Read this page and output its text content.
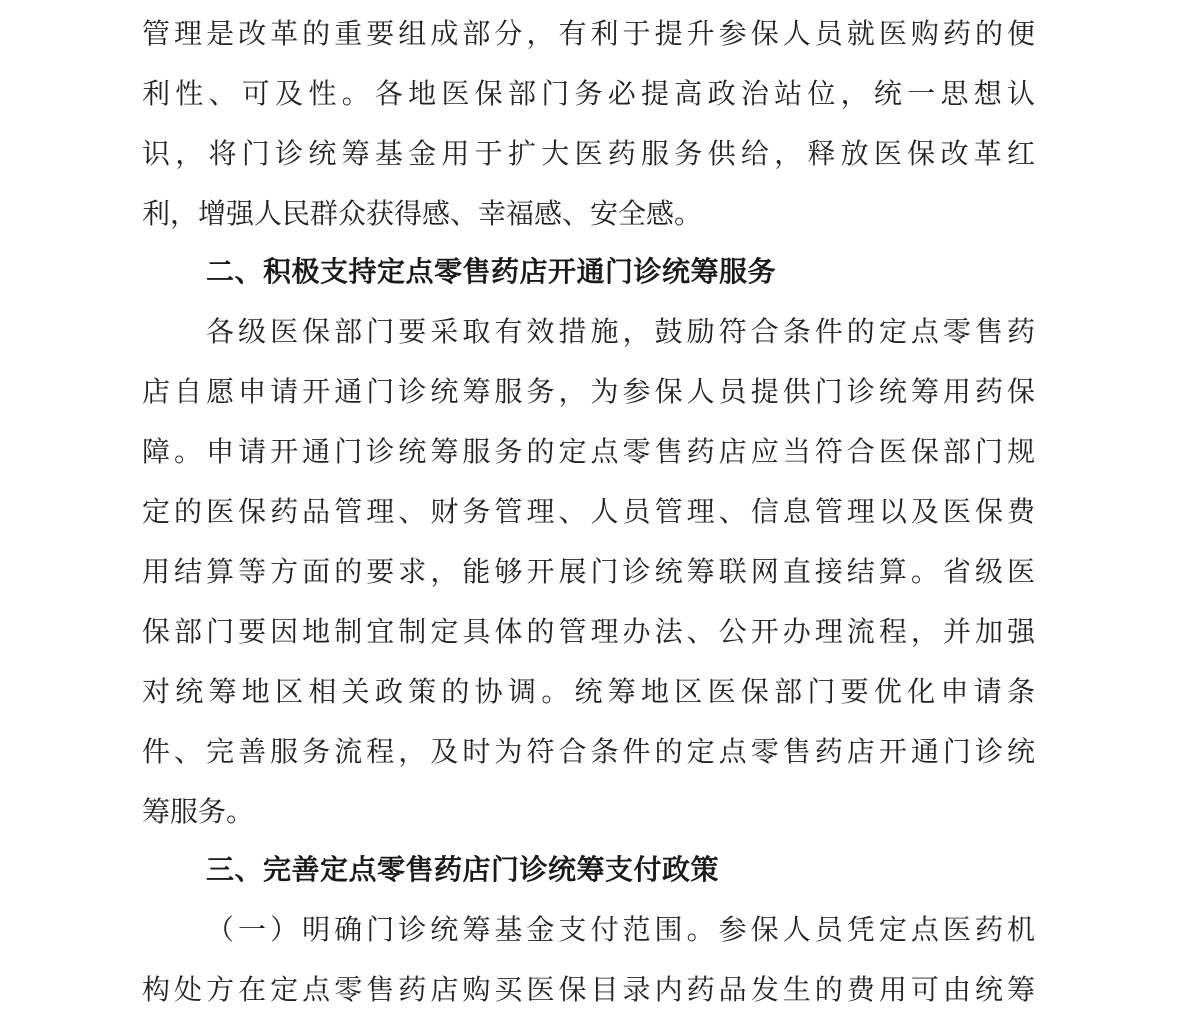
管理是改革的重要组成部分，有利于提升参保人员就医购药的便
利性、可及性。各地医保部门务必提高政治站位，统一思想认
识，将门诊统筹基金用于扩大医药服务供给，释放医保改革红
利，增强人民群众获得感、幸福感、安全感。
二、积极支持定点零售药店开通门诊统筹服务
各级医保部门要采取有效措施，鼓励符合条件的定点零售药
店自愿申请开通门诊统筹服务，为参保人员提供门诊统筹用药保
障。申请开通门诊统筹服务的定点零售药店应当符合医保部门规
定的医保药品管理、财务管理、人员管理、信息管理以及医保费
用结算等方面的要求，能够开展门诊统筹联网直接结算。省级医
保部门要因地制宜制定具体的管理办法、公开办理流程，并加强
对统筹地区相关政策的协调。统筹地区医保部门要优化申请条
件、完善服务流程，及时为符合条件的定点零售药店开通门诊统
筹服务。
三、完善定点零售药店门诊统筹支付政策
（一）明确门诊统筹基金支付范围。参保人员凭定点医药机
构处方在定点零售药店购买医保目录内药品发生的费用可由统筹
